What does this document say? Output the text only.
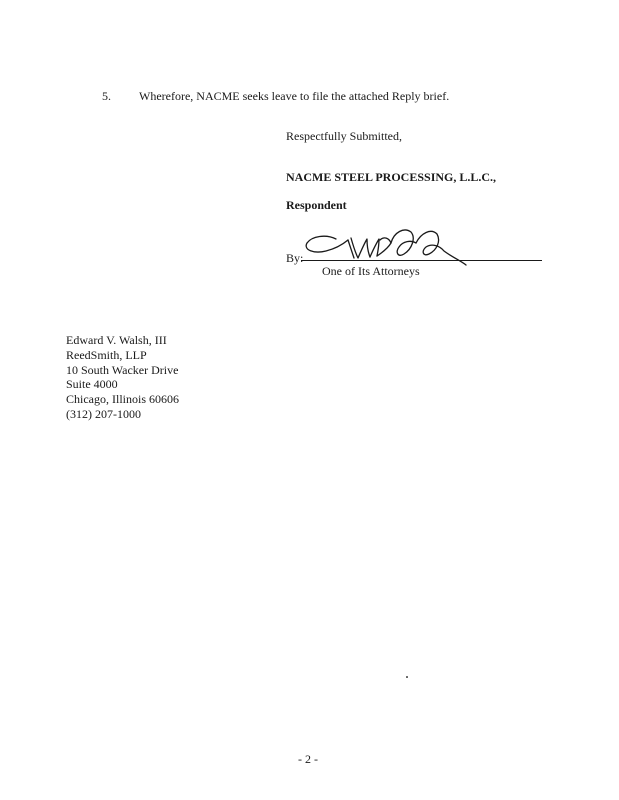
5. Wherefore, NACME seeks leave to file the attached Reply brief.
Respectfully Submitted,
NACME STEEL PROCESSING, L.L.C.,
Respondent
By:
One of Its Attorneys
Edward V. Walsh, III
ReedSmith, LLP
10 South Wacker Drive
Suite 4000
Chicago, Illinois 60606
(312) 207-1000
- 2 -
